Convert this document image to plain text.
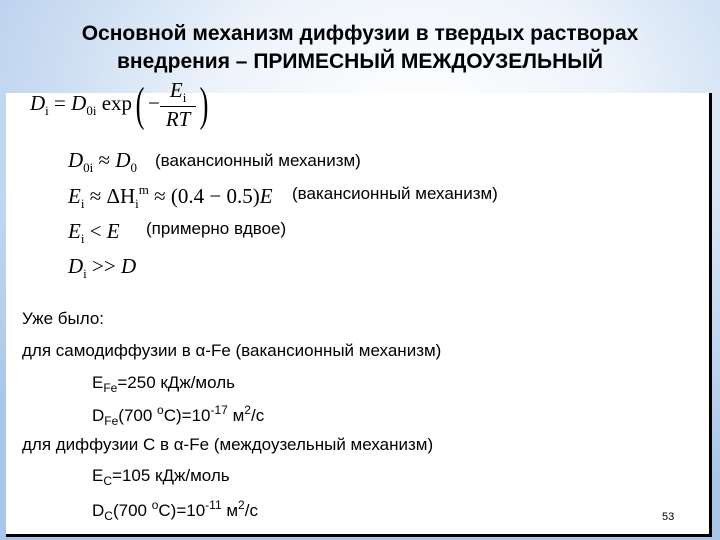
Основной механизм диффузии в твердых растворах
внедрения – ПРИМЕСНЫЙ МЕЖДОУЗЕЛЬНЫЙ
$D_i = D_{0i}$ $\exp( - \frac{E_i}{RT}$ )
$D_{0i} \approx D_0$ (вакансионный механизм)
$E_i \approx \Delta H_i^m \approx (0.4 - 0.5)E$ (вакансионный механизм)
$E_i < E$ (примерно вдвое)
$D_i >> D$
Уже было:
для самодиффузии в α-Fe (вакансионный механизм)
$E_{Fe}=250$ кДж/моль
$D_{Fe}(700$ $^oC)=10^{-17}$ $м^2/с$
для диффузии C в α-Fe (междоузельный механизм)
$E_C=105$ кДж/моль
$D_C(700$ $^oC)=10^{-11}$ $м^2/с$	53
